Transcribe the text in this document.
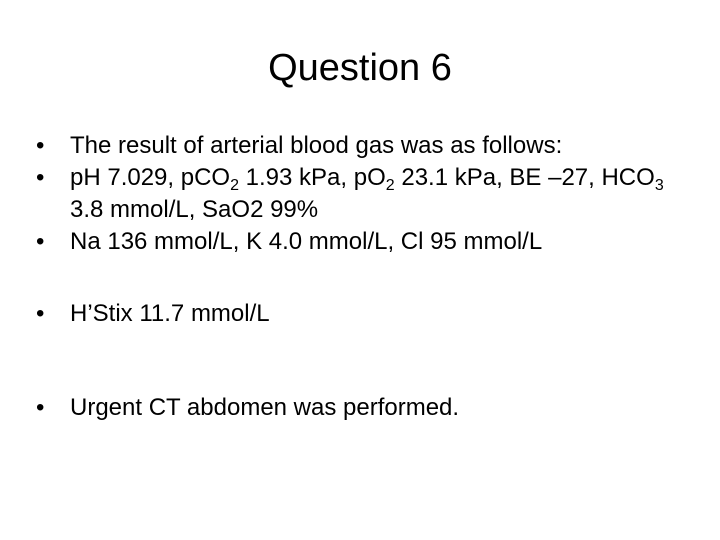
Question 6
•	The result of arterial blood gas was as follows:
•	pH 7.029, pCO$_2$ 1.93 kPa, $pO_2$ 23.1 kPa, BE –27, $HCO_3$ 3.8 mmol/L, SaO2 99%
•	Na 136 mmol/L, K 4.0 mmol/L, Cl 95 mmol/L
•	H’Stix 11.7 mmol/L
•	Urgent CT abdomen was performed.
